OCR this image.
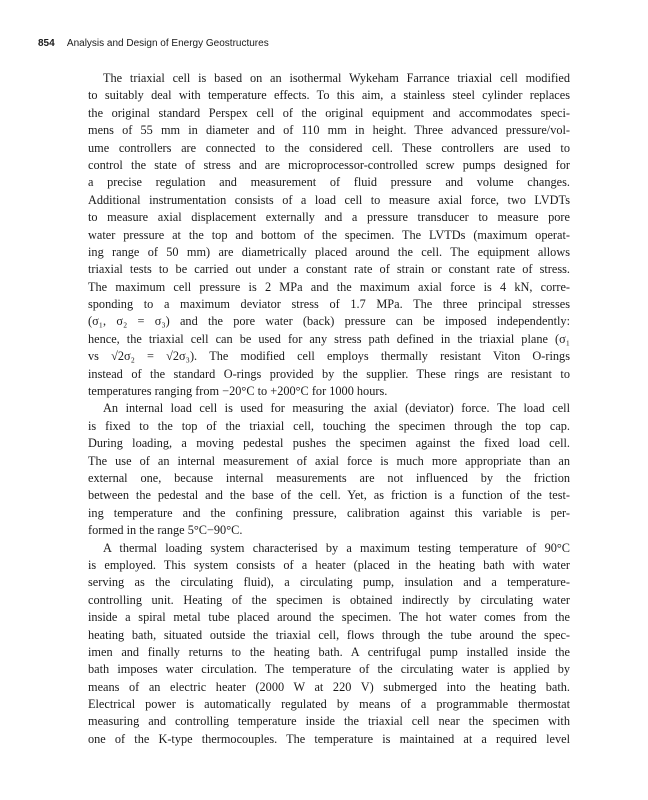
854 Analysis and Design of Energy Geostructures
The triaxial cell is based on an isothermal Wykeham Farrance triaxial cell modified
to suitably deal with temperature effects. To this aim, a stainless steel cylinder replaces
the original standard Perspex cell of the original equipment and accommodates speci-
mens of 55 mm in diameter and of 110 mm in height. Three advanced pressure/vol-
ume controllers are connected to the considered cell. These controllers are used to
control the state of stress and are microprocessor-controlled screw pumps designed for
a precise regulation and measurement of fluid pressure and volume changes.
Additional instrumentation consists of a load cell to measure axial force, two LVDTs
to measure axial displacement externally and a pressure transducer to measure pore
water pressure at the top and bottom of the specimen. The LVTDs (maximum operat-
ing range of 50 mm) are diametrically placed around the cell. The equipment allows
triaxial tests to be carried out under a constant rate of strain or constant rate of stress.
The maximum cell pressure is 2 MPa and the maximum axial force is 4 kN, corre-
sponding to a maximum deviator stress of 1.7 MPa. The three principal stresses
(σ₁, σ₂ = σ₃) and the pore water (back) pressure can be imposed independently:
hence, the triaxial cell can be used for any stress path defined in the triaxial plane (σ₁
vs √2σ₂ = √2σ₃). The modified cell employs thermally resistant Viton O-rings
instead of the standard O-rings provided by the supplier. These rings are resistant to
temperatures ranging from −20°C to +200°C for 1000 hours.
An internal load cell is used for measuring the axial (deviator) force. The load cell
is fixed to the top of the triaxial cell, touching the specimen through the top cap.
During loading, a moving pedestal pushes the specimen against the fixed load cell.
The use of an internal measurement of axial force is much more appropriate than an
external one, because internal measurements are not influenced by the friction
between the pedestal and the base of the cell. Yet, as friction is a function of the test-
ing temperature and the confining pressure, calibration against this variable is per-
formed in the range 5°C−90°C.
A thermal loading system characterised by a maximum testing temperature of 90°C
is employed. This system consists of a heater (placed in the heating bath with water
serving as the circulating fluid), a circulating pump, insulation and a temperature-
controlling unit. Heating of the specimen is obtained indirectly by circulating water
inside a spiral metal tube placed around the specimen. The hot water comes from the
heating bath, situated outside the triaxial cell, flows through the tube around the spec-
imen and finally returns to the heating bath. A centrifugal pump installed inside the
bath imposes water circulation. The temperature of the circulating water is applied by
means of an electric heater (2000 W at 220 V) submerged into the heating bath.
Electrical power is automatically regulated by means of a programmable thermostat
measuring and controlling temperature inside the triaxial cell near the specimen with
one of the K-type thermocouples. The temperature is maintained at a required level
